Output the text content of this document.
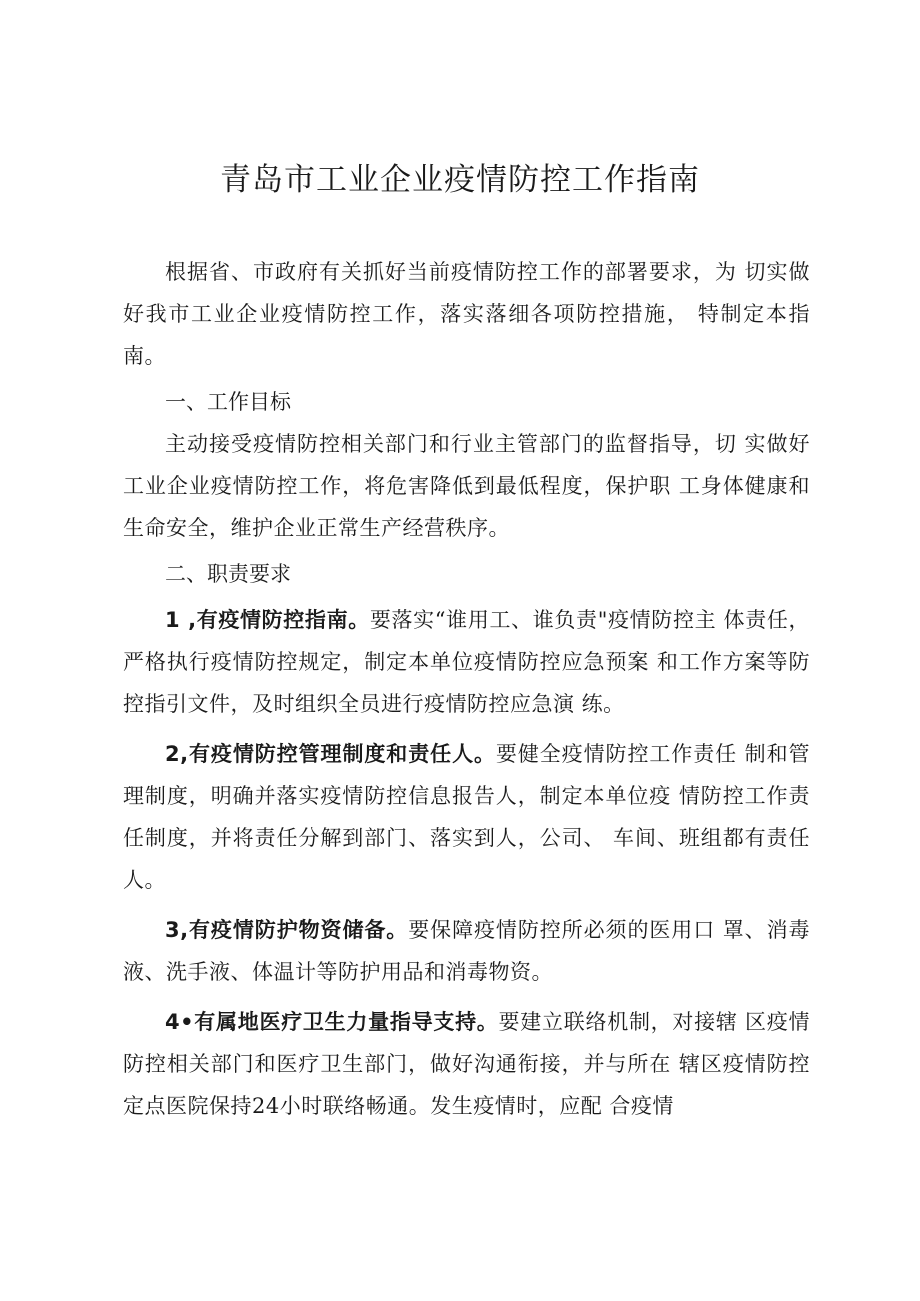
青岛市工业企业疫情防控工作指南

根据省、市政府有关抓好当前疫情防控工作的部署要求，为 切实做好我市工业企业疫情防控工作，落实落细各项防控措施， 特制定本指南。

一、工作目标

主动接受疫情防控相关部门和行业主管部门的监督指导，切 实做好工业企业疫情防控工作，将危害降低到最低程度，保护职 工身体健康和生命安全，维护企业正常生产经营秩序。

二、职责要求

1 ,有疫情防控指南。要落实“谁用工、谁负责"疫情防控主 体责任，严格执行疫情防控规定，制定本单位疫情防控应急预案 和工作方案等防控指引文件，及时组织全员进行疫情防控应急演 练。

2,有疫情防控管理制度和责任人。要健全疫情防控工作责任 制和管理制度，明确并落实疫情防控信息报告人，制定本单位疫 情防控工作责任制度，并将责任分解到部门、落实到人，公司、 车间、班组都有责任人。

3,有疫情防护物资储备。要保障疫情防控所必须的医用口 罩、消毒液、洗手液、体温计等防护用品和消毒物资。

4•有属地医疗卫生力量指导支持。要建立联络机制，对接辖 区疫情防控相关部门和医疗卫生部门，做好沟通衔接，并与所在 辖区疫情防控定点医院保持24小时联络畅通。发生疫情时，应配 合疫情
